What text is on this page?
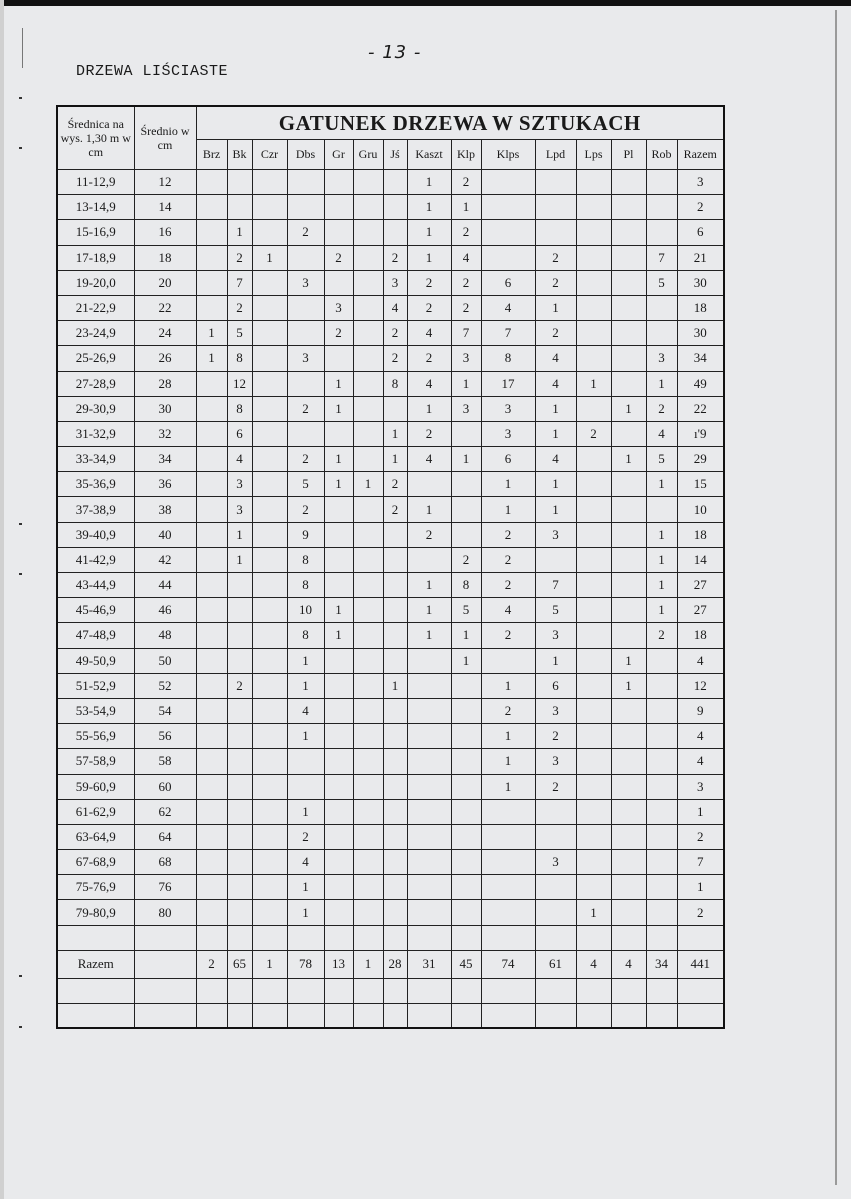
- 13 -
DRZEWA LIŚCIASTE
Średnica na wys. 1,30 m w cm	Średnio w cm	GATUNEK DRZEWA W SZTUKACH														
		Brz	Bk	Czr	Dbs	Gr	Gru	Jś	Kaszt	Klp	Klps	Lpd	Lps	Pl	Rob	Razem
11-12,9	12								1	2						3
13-14,9	14								1	1						2
15-16,9	16		1		2				1	2						6
17-18,9	18		2	1		2		2	1	4		2			7	21
19-20,0	20		7		3			3	2	2	6	2			5	30
21-22,9	22		2			3		4	2	2	4	1				18
23-24,9	24	1	5			2		2	4	7	7	2				30
25-26,9	26	1	8		3			2	2	3	8	4			3	34
27-28,9	28		12			1		8	4	1	17	4	1		1	49
29-30,9	30		8		2	1			1	3	3	1		1	2	22
31-32,9	32		6					1	2		3	1	2		4	ı'9
33-34,9	34		4		2	1		1	4	1	6	4		1	5	29
35-36,9	36		3		5	1	1	2			1	1			1	15
37-38,9	38		3		2			2	1		1	1				10
39-40,9	40		1		9				2		2	3			1	18
41-42,9	42		1		8					2	2				1	14
43-44,9	44				8				1	8	2	7			1	27
45-46,9	46				10	1			1	5	4	5			1	27
47-48,9	48				8	1			1	1	2	3			2	18
49-50,9	50				1					1		1		1		4
51-52,9	52		2		1			1			1	6		1		12
53-54,9	54				4						2	3				9
55-56,9	56				1						1	2				4
57-58,9	58										1	3				4
59-60,9	60										1	2				3
61-62,9	62				1											1
63-64,9	64				2											2
67-68,9	68				4							3				7
75-76,9	76				1											1
79-80,9	80				1								1			2

Razem		2	65	1	78	13	1	28	31	45	74	61	4	4	34	441
